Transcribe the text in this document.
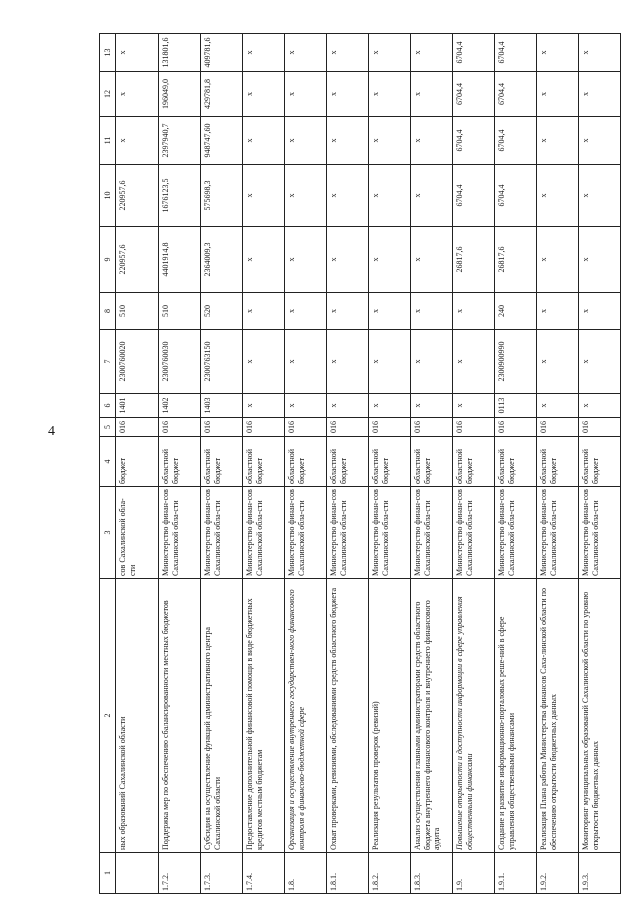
4
1	2	3	4	5	6	7	8	9	10	11	12	13
	ных образований Сахалинской области	сов Сахалинской обла-сти	бюджет	016	1401	2300760020	510	220957,6	220957,6	х	х	х
1.7.2.	Поддержка мер по обеспечению сбалансированности местных бюджетов	Министерство финан-сов Сахалинской обла-сти	областной бюджет	016	1402	2300760030	510	4401914,8	1676123,5	2397940,7	196049,0	131801,6
1.7.3.	Субсидия на осуществление функций административного центра Сахалинской области	Министерство финан-сов Сахалинской обла-сти	областной бюджет	016	1403	2300763150	520	2364009,3	575698,3	948747,60	429781,8	409781,6
1.7.4.	Предоставление дополнительной финансовой помощи в виде бюджетных кредитов местным бюджетам	Министерство финан-сов Сахалинской обла-сти	областной бюджет	016	х	х	х	х	х	х	х	х
1.8.	Организация и осуществление внутреннего государствен-ного финансового контроля в финансово-бюджетной сфере	Министерство финан-сов Сахалинской обла-сти	областной бюджет	016	х	х	х	х	х	х	х	х
1.8.1.	Охват проверками, ревизиями, обследованиями средств областного бюджета	Министерство финан-сов Сахалинской обла-сти	областной бюджет	016	х	х	х	х	х	х	х	х
1.8.2.	Реализация результатов проверок (ревизий)	Министерство финан-сов Сахалинской обла-сти	областной бюджет	016	х	х	х	х	х	х	х	х
1.8.3.	Анализ осуществления главными администраторами средств областного бюджета внутреннего финансового контроля и внутреннего финансового аудита	Министерство финан-сов Сахалинской обла-сти	областной бюджет	016	х	х	х	х	х	х	х	х
1.9.	Повышение открытости и доступности информации в сфере управления общественными финансами	Министерство финан-сов Сахалинской обла-сти	областной бюджет	016	х	х	х	26817,6	6704,4	6704,4	6704,4	6704,4
1.9.1.	Создание и развитие информационно-порталовых реше-ний в сфере управления общественными финансами	Министерство финан-сов Сахалинской обла-сти	областной бюджет	016	0113	2300900990	240	26817,6	6704,4	6704,4	6704,4	6704,4
1.9.2.	Реализация Плана работы Министерства финансов Саха-линской области по обеспечению открытости бюджетных данных	Министерство финан-сов Сахалинской обла-сти	областной бюджет	016	х	х	х	х	х	х	х	х
1.9.3.	Мониторинг муниципальных образований Сахалинской области по уровню открытости бюджетных данных	Министерство финан-сов Сахалинской обла-сти	областной бюджет	016	х	х	х	х	х	х	х	х
